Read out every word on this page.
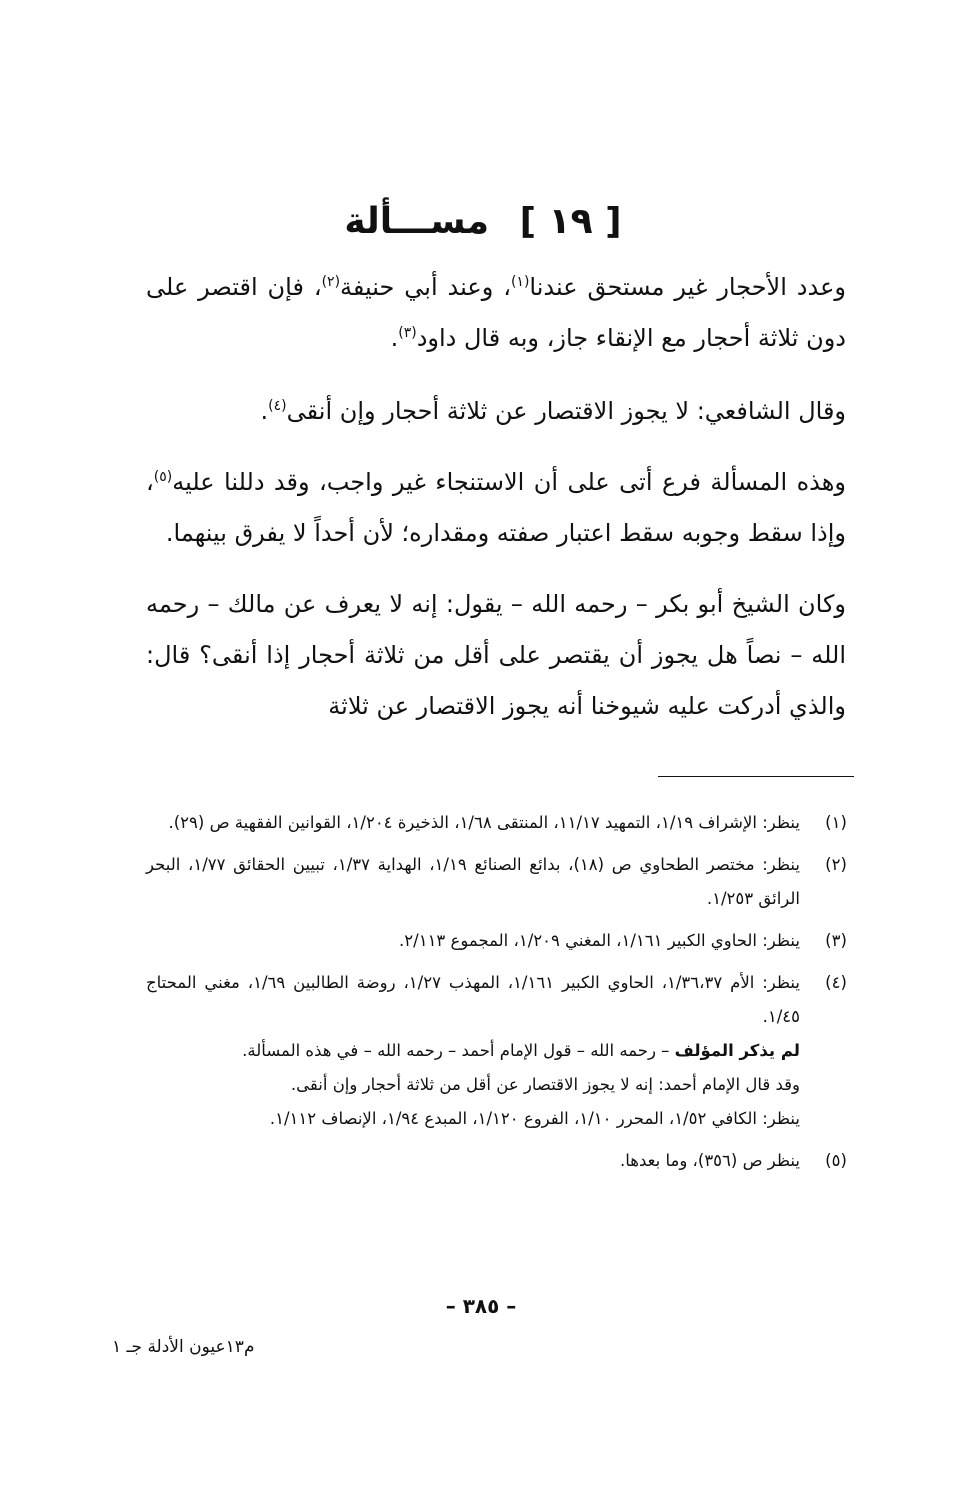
[ ١٩ ] مســـألة

وعدد الأحجار غير مستحق عندنا$^{(١)}$، وعند أبي حنيفة$^{(٢)}$، فإن اقتصر على دون ثلاثة أحجار مع الإنقاء جاز، وبه قال داود$^{(٣)}$.

وقال الشافعي: لا يجوز الاقتصار عن ثلاثة أحجار وإن أنقى$^{(٤)}$.

وهذه المسألة فرع أتى على أن الاستنجاء غير واجب، وقد دللنا عليه$^{(٥)}$، وإذا سقط وجوبه سقط اعتبار صفته ومقداره؛ لأن أحداً لا يفرق بينهما.

وكان الشيخ أبو بكر – رحمه الله – يقول: إنه لا يعرف عن مالك – رحمه الله – نصاً هل يجوز أن يقتصر على أقل من ثلاثة أحجار إذا أنقى؟ قال: والذي أدركت عليه شيوخنا أنه يجوز الاقتصار عن ثلاثة

(١)
ينظر: الإشراف ١/١٩، التمهيد ١١/١٧، المنتقى ١/٦٨، الذخيرة ١/٢٠٤، القوانين الفقهية ص (٢٩).
(٢)
ينظر: مختصر الطحاوي ص (١٨)، بدائع الصنائع ١/١٩، الهداية ١/٣٧، تبيين الحقائق ١/٧٧، البحر الرائق ١/٢٥٣.
(٣)
ينظر: الحاوي الكبير ١/١٦١، المغني ١/٢٠٩، المجموع ٢/١١٣.
(٤)
ينظر: الأم ١/٣٦،٣٧، الحاوي الكبير ١/١٦١، المهذب ١/٢٧، روضة الطالبين ١/٦٩، مغني المحتاج ١/٤٥.
لم يذكر المؤلف – رحمه الله – قول الإمام أحمد – رحمه الله – في هذه المسألة.
وقد قال الإمام أحمد: إنه لا يجوز الاقتصار عن أقل من ثلاثة أحجار وإن أنقى.
ينظر: الكافي ١/٥٢، المحرر ١/١٠، الفروع ١/١٢٠، المبدع ١/٩٤، الإنصاف ١/١١٢.
(٥)
ينظر ص (٣٥٦)، وما بعدها.
– ٣٨٥ –
م١٣عيون الأدلة جـ ١
